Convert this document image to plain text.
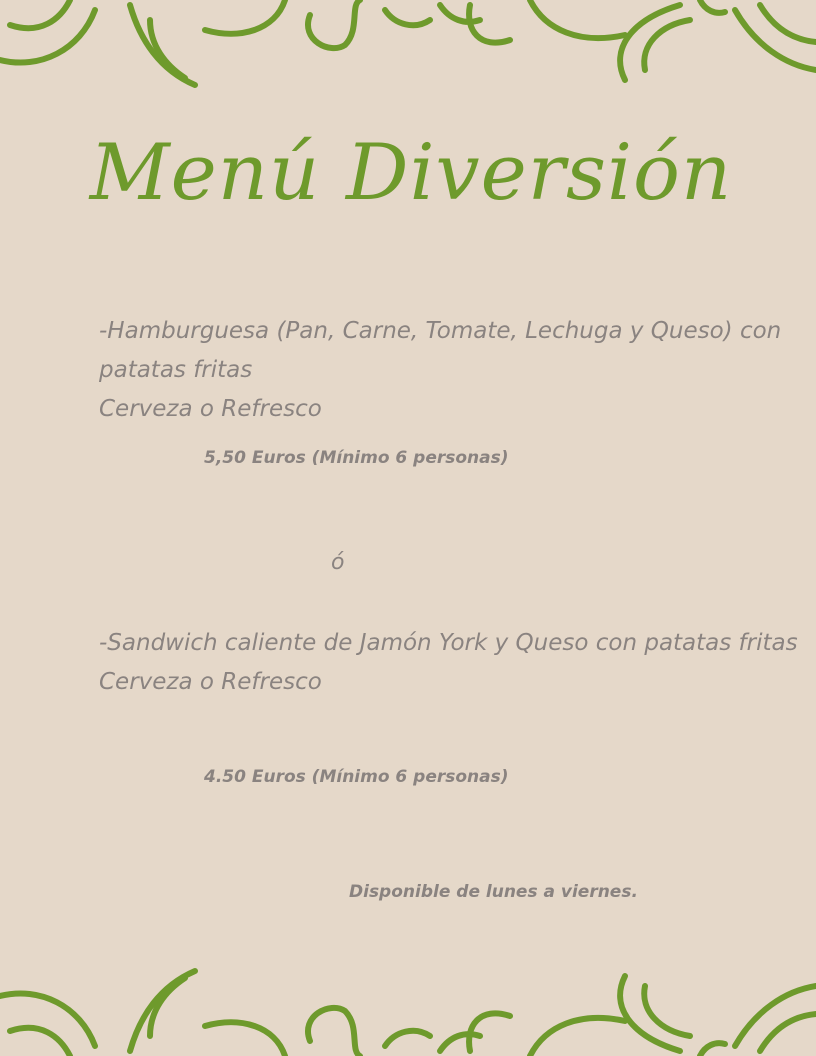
Menú Diversión
-Hamburguesa (Pan, Carne, Tomate, Lechuga y Queso) con
patatas fritas
Cerveza o Refresco
5,50 Euros (Mínimo 6 personas)
ó
-Sandwich caliente de Jamón York y Queso con patatas fritas
Cerveza o Refresco
4.50 Euros (Mínimo 6 personas)
Disponible de lunes a viernes.
